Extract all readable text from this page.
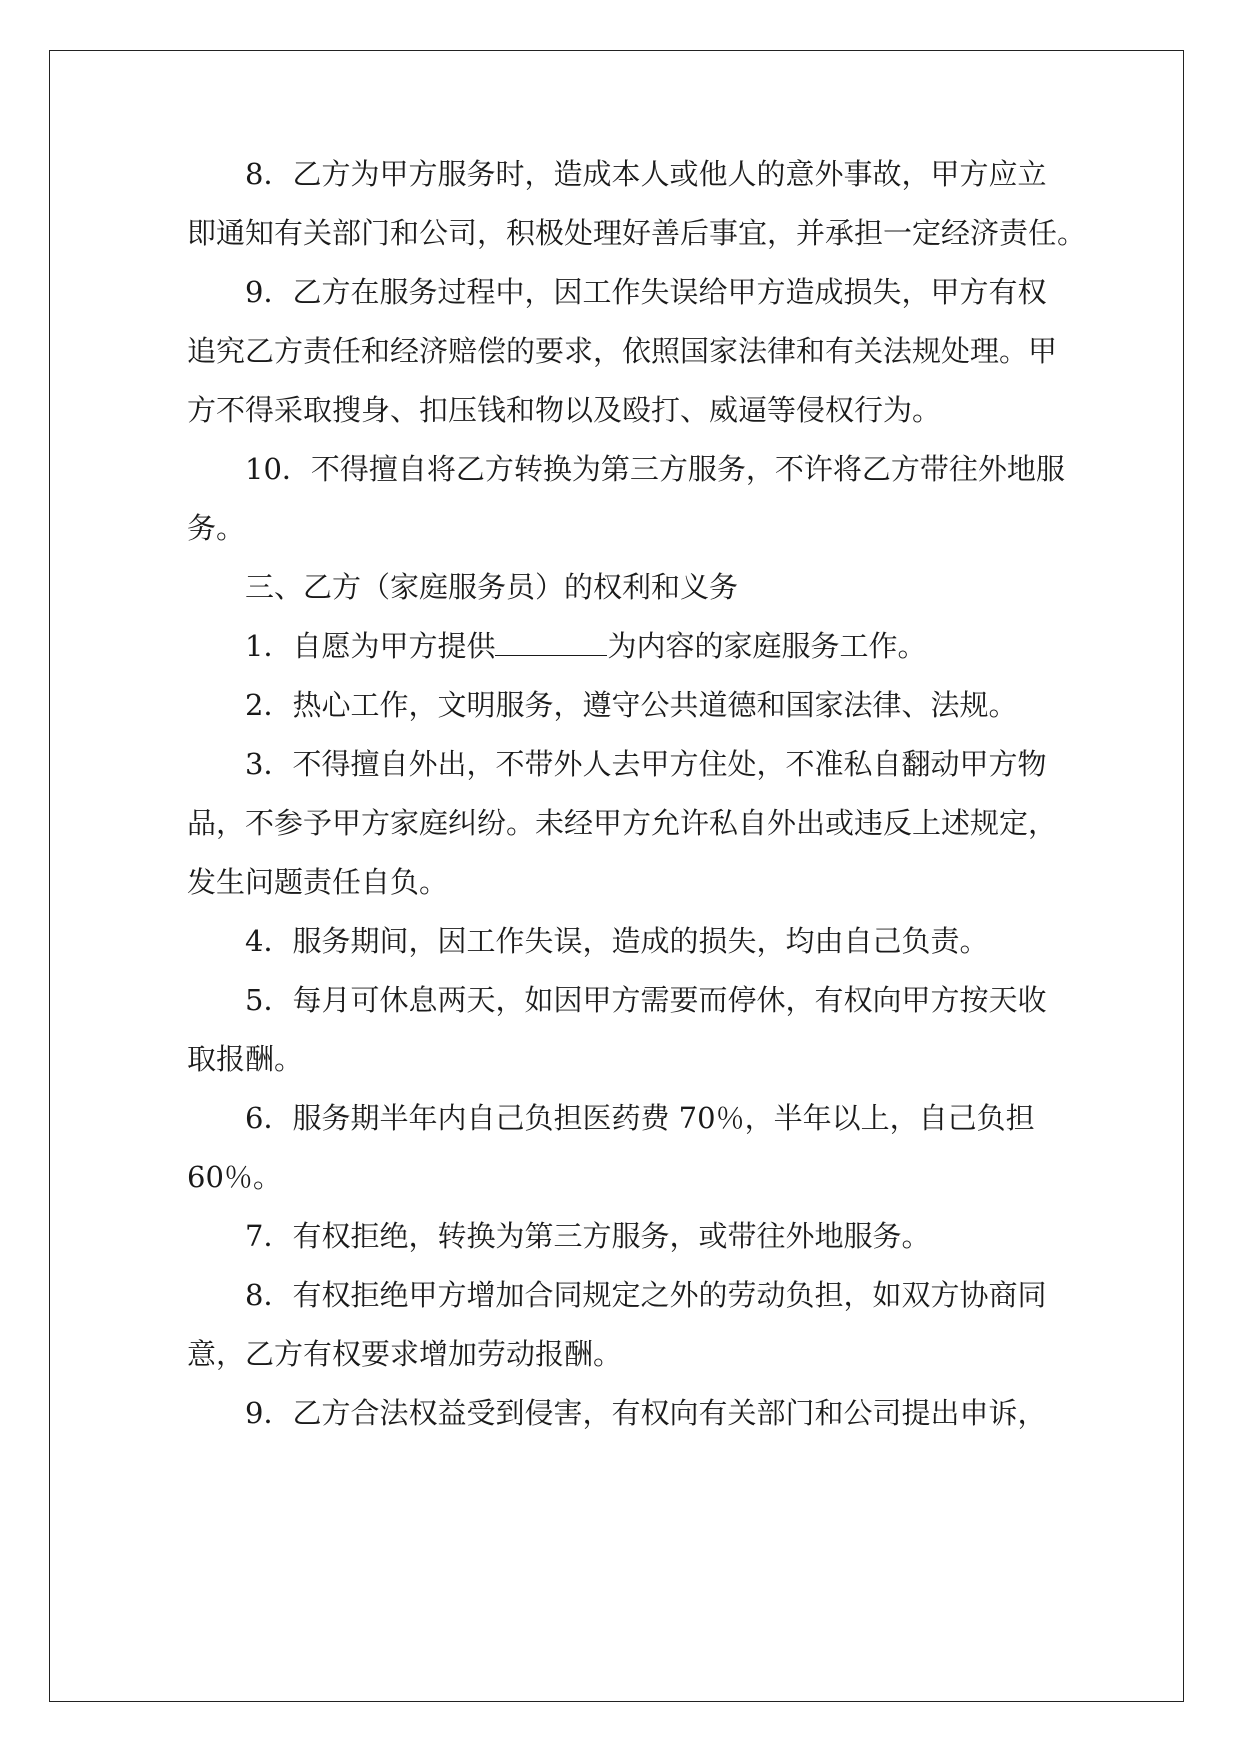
8．乙方为甲方服务时，造成本人或他人的意外事故，甲方应立
即通知有关部门和公司，积极处理好善后事宜，并承担一定经济责任。
9．乙方在服务过程中，因工作失误给甲方造成损失，甲方有权
追究乙方责任和经济赔偿的要求，依照国家法律和有关法规处理。甲
方不得采取搜身、扣压钱和物以及殴打、威逼等侵权行为。
10．不得擅自将乙方转换为第三方服务，不许将乙方带往外地服
务。
三、乙方（家庭服务员）的权利和义务
1．自愿为甲方提供	为内容的家庭服务工作。
2．热心工作，文明服务，遵守公共道德和国家法律、法规。
3．不得擅自外出，不带外人去甲方住处，不准私自翻动甲方物
品，不参予甲方家庭纠纷。未经甲方允许私自外出或违反上述规定，
发生问题责任自负。
4．服务期间，因工作失误，造成的损失，均由自己负责。
5．每月可休息两天，如因甲方需要而停休，有权向甲方按天收
取报酬。
6．服务期半年内自己负担医药费 70％，半年以上，自己负担
60％。
7．有权拒绝，转换为第三方服务，或带往外地服务。
8．有权拒绝甲方增加合同规定之外的劳动负担，如双方协商同
意，乙方有权要求增加劳动报酬。
9．乙方合法权益受到侵害，有权向有关部门和公司提出申诉，
